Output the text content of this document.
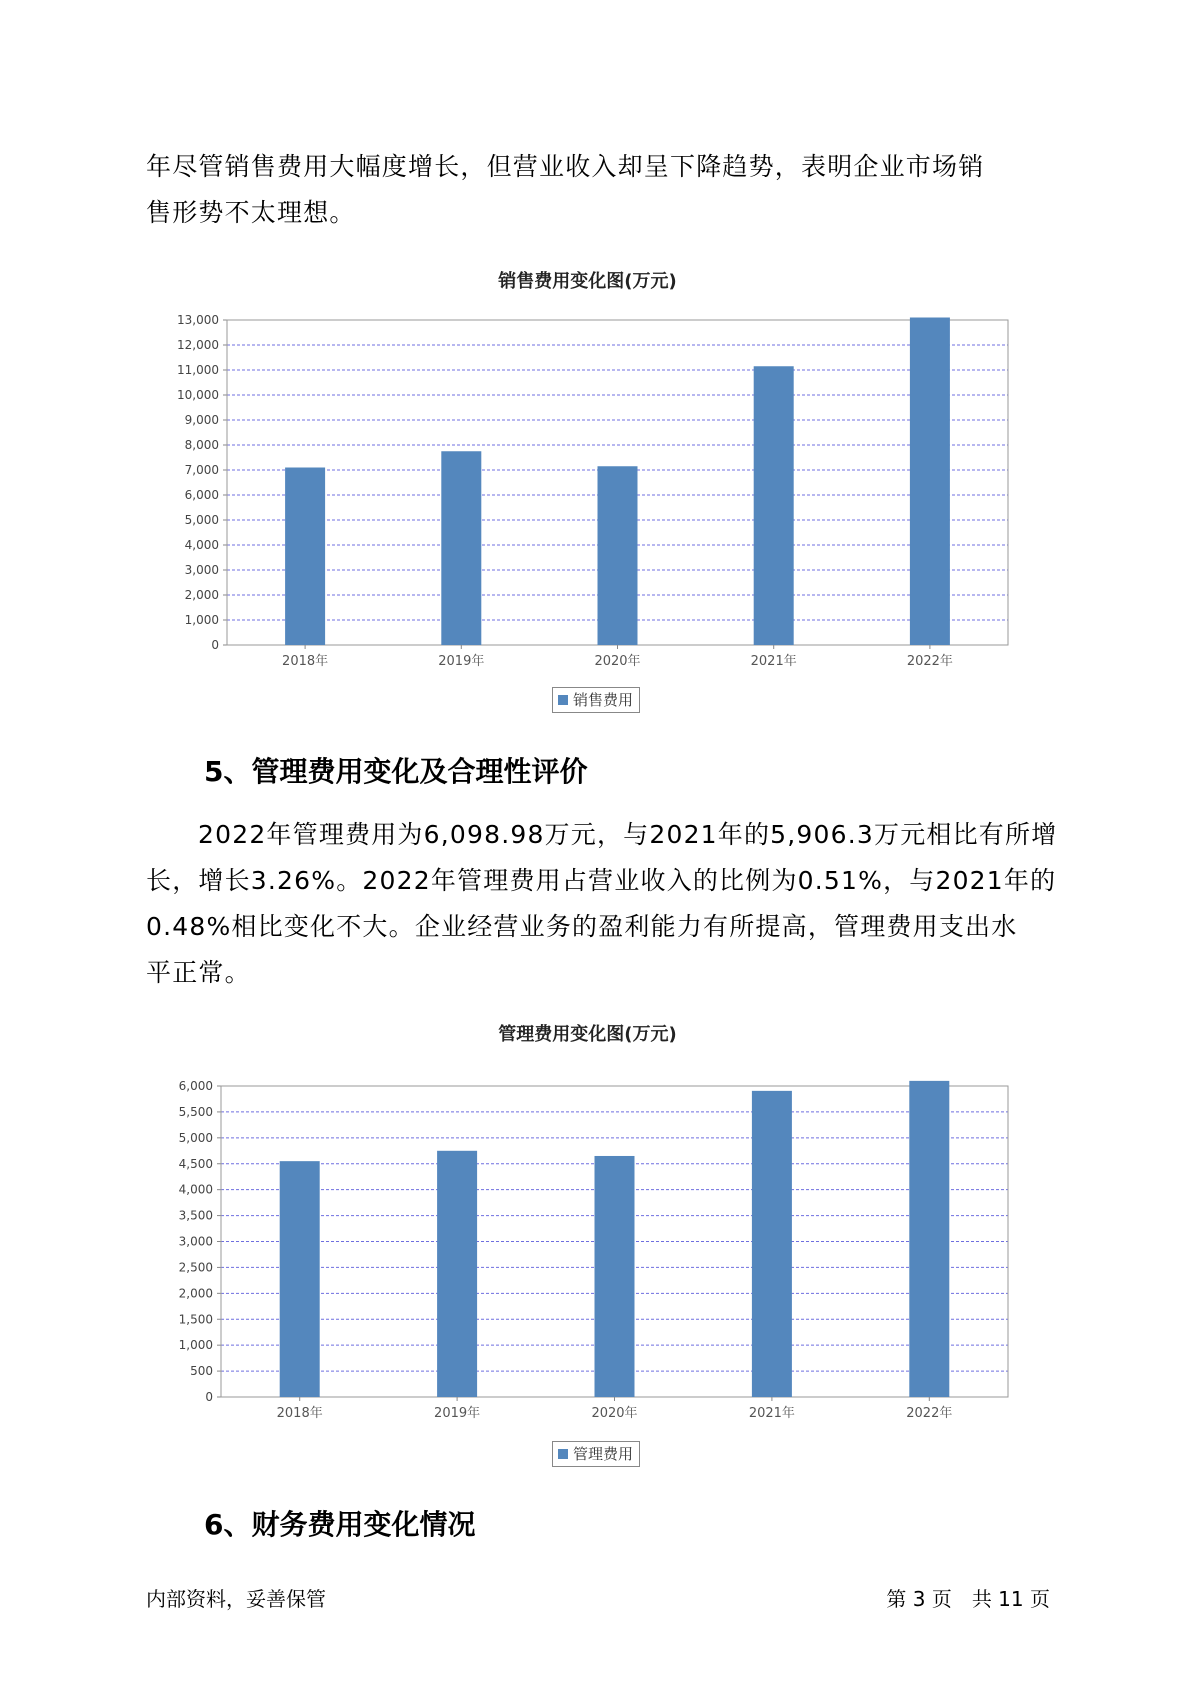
年尽管销售费用大幅度增长，但营业收入却呈下降趋势，表明企业市场销
售形势不太理想。
销售费用变化图(万元)
0
1,000
2,000
3,000
4,000
5,000
6,000
7,000
8,000
9,000
10,000
11,000
12,000
13,000
2018年	2019年	2020年	2021年	2022年
销售费用
5、管理费用变化及合理性评价
2022年管理费用为6,098.98万元，与2021年的5,906.3万元相比有所增
长，增长3.26%。2022年管理费用占营业收入的比例为0.51%，与2021年的
0.48%相比变化不大。企业经营业务的盈利能力有所提高，管理费用支出水
平正常。
管理费用变化图(万元)
0
500
1,000
1,500
2,000
2,500
3,000
3,500
4,000
4,500
5,000
5,500
6,000
2018年	2019年	2020年	2021年	2022年
管理费用
6、财务费用变化情况
内部资料，妥善保管	第 3 页　共 11 页
